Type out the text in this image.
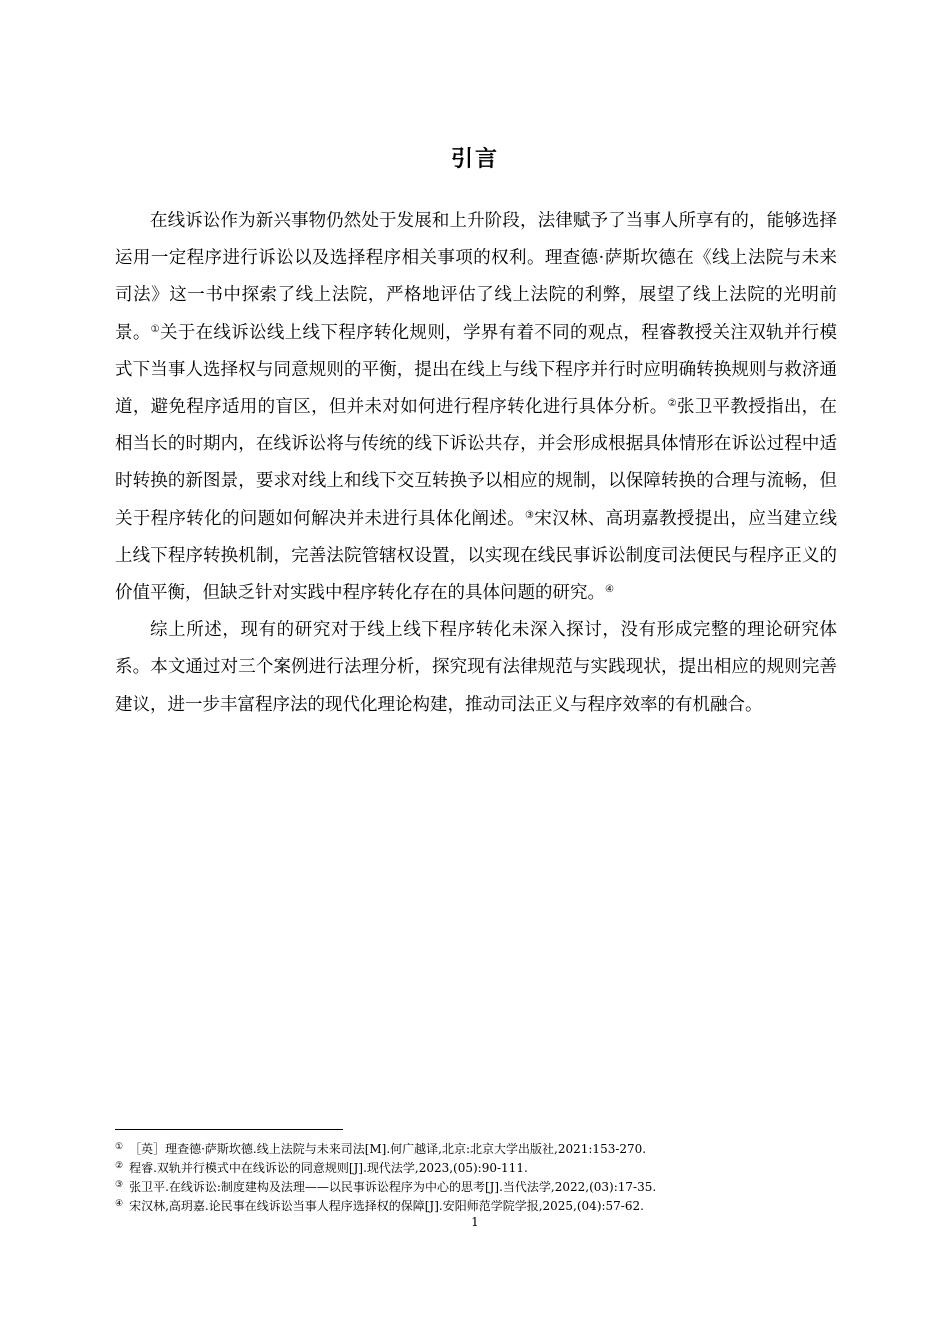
引言

在线诉讼作为新兴事物仍然处于发展和上升阶段，法律赋予了当事人所享有的，能够选择运用一定程序进行诉讼以及选择程序相关事项的权利。理查德·萨斯坎德在《线上法院与未来司法》这一书中探索了线上法院，严格地评估了线上法院的利弊，展望了线上法院的光明前景。①关于在线诉讼线上线下程序转化规则，学界有着不同的观点，程睿教授关注双轨并行模式下当事人选择权与同意规则的平衡，提出在线上与线下程序并行时应明确转换规则与救济通道，避免程序适用的盲区，但并未对如何进行程序转化进行具体分析。②张卫平教授指出，在相当长的时期内，在线诉讼将与传统的线下诉讼共存，并会形成根据具体情形在诉讼过程中适时转换的新图景，要求对线上和线下交互转换予以相应的规制，以保障转换的合理与流畅，但关于程序转化的问题如何解决并未进行具体化阐述。③宋汉林、高玥嘉教授提出，应当建立线上线下程序转换机制，完善法院管辖权设置，以实现在线民事诉讼制度司法便民与程序正义的价值平衡，但缺乏针对实践中程序转化存在的具体问题的研究。④

综上所述，现有的研究对于线上线下程序转化未深入探讨，没有形成完整的理论研究体系。本文通过对三个案例进行法理分析，探究现有法律规范与实践现状，提出相应的规则完善建议，进一步丰富程序法的现代化理论构建，推动司法正义与程序效率的有机融合。

① ［英］理查德·萨斯坎德.线上法院与未来司法[M].何广越译,北京:北京大学出版社,2021:153-270.
② 程睿.双轨并行模式中在线诉讼的同意规则[J].现代法学,2023,(05):90-111.
③ 张卫平.在线诉讼:制度建构及法理——以民事诉讼程序为中心的思考[J].当代法学,2022,(03):17-35.
④ 宋汉林,高玥嘉.论民事在线诉讼当事人程序选择权的保障[J].安阳师范学院学报,2025,(04):57-62.
1
